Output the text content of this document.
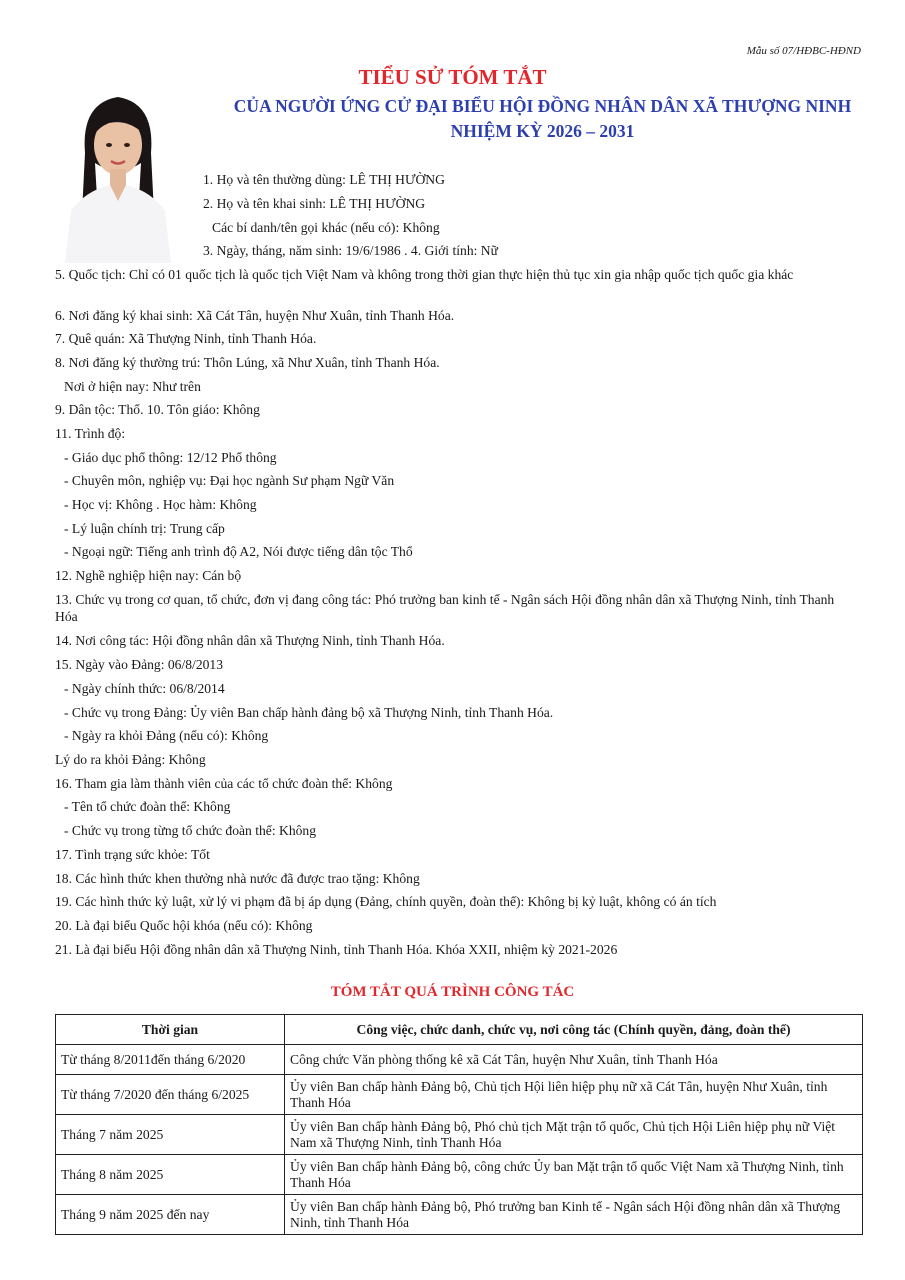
Mẫu số 07/HĐBC-HĐND
TIỂU SỬ TÓM TẮT
CỦA NGƯỜI ỨNG CỬ ĐẠI BIỂU HỘI ĐỒNG NHÂN DÂN XÃ THƯỢNG NINH
NHIỆM KỲ 2026 – 2031
1. Họ và tên thường dùng: LÊ THỊ HƯỜNG
2. Họ và tên khai sinh: LÊ THỊ HƯỜNG
Các bí danh/tên gọi khác (nếu có): Không
3. Ngày, tháng, năm sinh: 19/6/1986 . 4. Giới tính: Nữ
5. Quốc tịch: Chỉ có 01 quốc tịch là quốc tịch Việt Nam và không trong thời gian thực hiện thủ tục xin gia nhập quốc tịch quốc gia khác
6. Nơi đăng ký khai sinh: Xã Cát Tân, huyện Như Xuân, tỉnh Thanh Hóa.
7. Quê quán: Xã Thượng Ninh, tỉnh Thanh Hóa.
8. Nơi đăng ký thường trú: Thôn Lúng, xã Như Xuân, tỉnh Thanh Hóa.
Nơi ở hiện nay: Như trên
9. Dân tộc: Thổ. 10. Tôn giáo: Không
11. Trình độ:
- Giáo dục phổ thông: 12/12 Phổ thông
- Chuyên môn, nghiệp vụ: Đại học ngành Sư phạm Ngữ Văn
- Học vị: Không . Học hàm: Không
- Lý luận chính trị: Trung cấp
- Ngoại ngữ: Tiếng anh trình độ A2, Nói được tiếng dân tộc Thổ
12. Nghề nghiệp hiện nay: Cán bộ
13. Chức vụ trong cơ quan, tổ chức, đơn vị đang công tác: Phó trưởng ban kinh tế - Ngân sách Hội đồng nhân dân xã Thượng Ninh, tỉnh Thanh Hóa
14. Nơi công tác: Hội đồng nhân dân xã Thượng Ninh, tỉnh Thanh Hóa.
15. Ngày vào Đảng: 06/8/2013
- Ngày chính thức: 06/8/2014
- Chức vụ trong Đảng: Ủy viên Ban chấp hành đảng bộ xã Thượng Ninh, tỉnh Thanh Hóa.
- Ngày ra khỏi Đảng (nếu có): Không
Lý do ra khỏi Đảng: Không
16. Tham gia làm thành viên của các tổ chức đoàn thể: Không
- Tên tổ chức đoàn thể: Không
- Chức vụ trong từng tổ chức đoàn thể: Không
17. Tình trạng sức khỏe: Tốt
18. Các hình thức khen thưởng nhà nước đã được trao tặng: Không
19. Các hình thức kỷ luật, xử lý vi phạm đã bị áp dụng (Đảng, chính quyền, đoàn thể): Không bị kỷ luật, không có án tích
20. Là đại biểu Quốc hội khóa (nếu có): Không
21. Là đại biểu Hội đồng nhân dân xã Thượng Ninh, tỉnh Thanh Hóa. Khóa XXII, nhiệm kỳ 2021-2026
TÓM TẮT QUÁ TRÌNH CÔNG TÁC
Thời gian	Công việc, chức danh, chức vụ, nơi công tác (Chính quyền, đảng, đoàn thể)
Từ tháng 8/2011đến tháng 6/2020	Công chức Văn phòng thống kê xã Cát Tân, huyện Như Xuân, tỉnh Thanh Hóa
Từ tháng 7/2020 đến tháng 6/2025	Ủy viên Ban chấp hành Đảng bộ, Chủ tịch Hội liên hiệp phụ nữ xã Cát Tân, huyện Như Xuân, tỉnh Thanh Hóa
Tháng 7 năm 2025	Ủy viên Ban chấp hành Đảng bộ, Phó chủ tịch Mặt trận tổ quốc, Chủ tịch Hội Liên hiệp phụ nữ Việt Nam xã Thượng Ninh, tỉnh Thanh Hóa
Tháng 8 năm 2025	Ủy viên Ban chấp hành Đảng bộ, công chức Ủy ban Mặt trận tổ quốc Việt Nam xã Thượng Ninh, tỉnh Thanh Hóa
Tháng 9 năm 2025 đến nay	Ủy viên Ban chấp hành Đảng bộ, Phó trưởng ban Kinh tế - Ngân sách Hội đồng nhân dân xã Thượng Ninh, tỉnh Thanh Hóa
